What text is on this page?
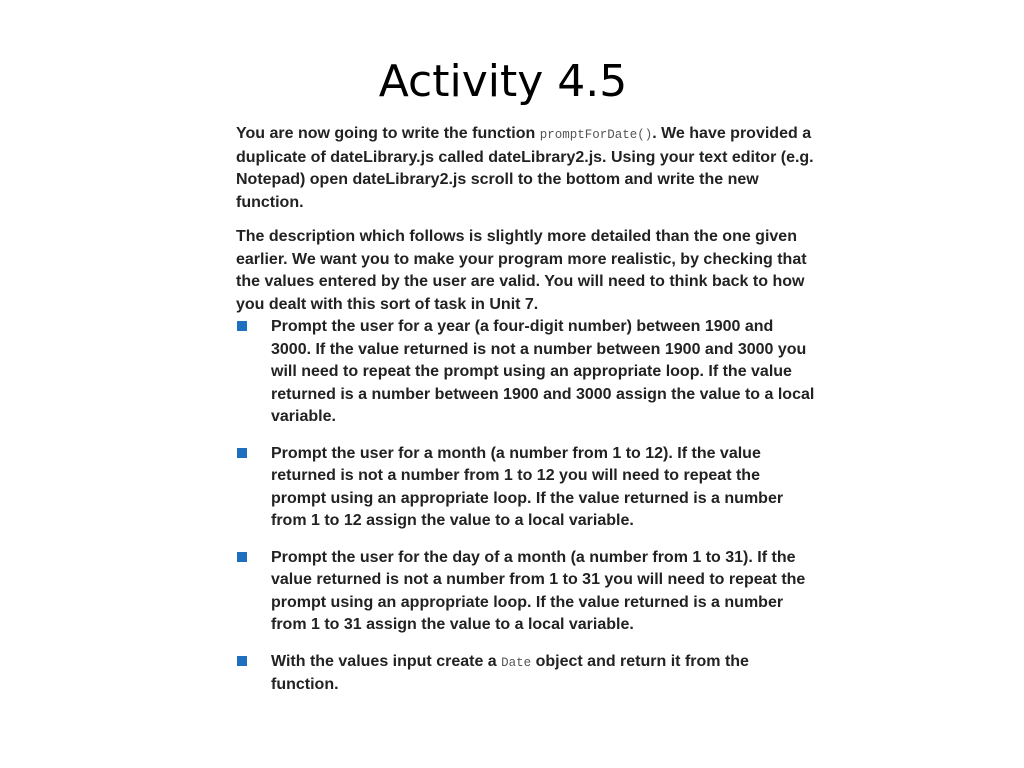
Activity 4.5

You are now going to write the function promptForDate(). We have provided a duplicate of dateLibrary.js called dateLibrary2.js. Using your text editor (e.g. Notepad) open dateLibrary2.js scroll to the bottom and write the new function.

The description which follows is slightly more detailed than the one given earlier. We want you to make your program more realistic, by checking that the values entered by the user are valid. You will need to think back to how you dealt with this sort of task in Unit 7.

Prompt the user for a year (a four-digit number) between 1900 and 3000. If the value returned is not a number between 1900 and 3000 you will need to repeat the prompt using an appropriate loop. If the value returned is a number between 1900 and 3000 assign the value to a local variable.
Prompt the user for a month (a number from 1 to 12). If the value returned is not a number from 1 to 12 you will need to repeat the prompt using an appropriate loop. If the value returned is a number from 1 to 12 assign the value to a local variable.
Prompt the user for the day of a month (a number from 1 to 31). If the value returned is not a number from 1 to 31 you will need to repeat the prompt using an appropriate loop. If the value returned is a number from 1 to 31 assign the value to a local variable.
With the values input create a Date object and return it from the function.
